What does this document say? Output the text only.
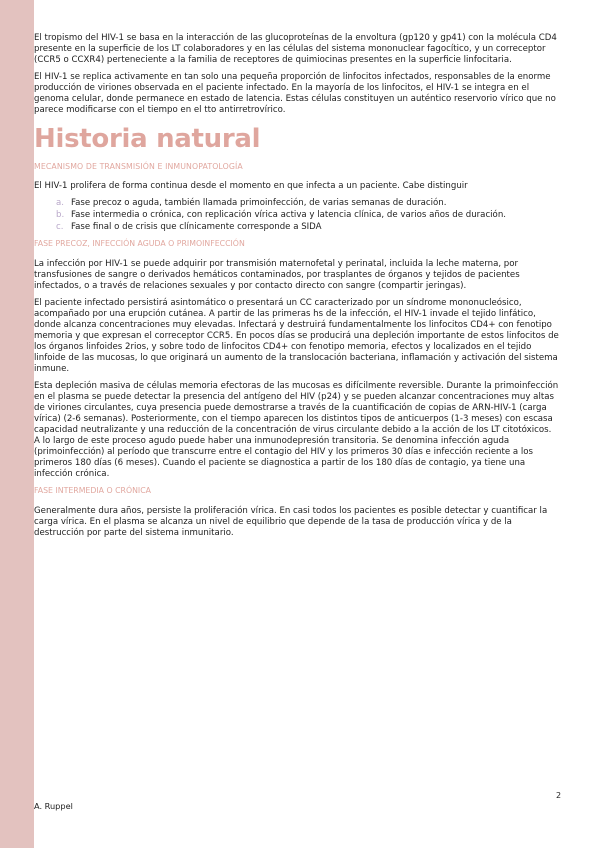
El tropismo del HIV-1 se basa en la interacción de las glucoproteínas de la envoltura (gp120 y gp41) con la molécula CD4 presente en la superficie de los LT colaboradores y en las células del sistema mononuclear fagocítico, y un correceptor (CCR5 o CCXR4) perteneciente a la familia de receptores de quimiocinas presentes en la superficie linfocitaria.

El HIV-1 se replica activamente en tan solo una pequeña proporción de linfocitos infectados, responsables de la enorme producción de viriones observada en el paciente infectado. En la mayoría de los linfocitos, el HIV-1 se integra en el genoma celular, donde permanece en estado de latencia. Estas células constituyen un auténtico reservorio vírico que no parece modificarse con el tiempo en el tto antirretrovírico.

Historia natural
MECANISMO DE TRANSMISIÓN E INMUNOPATOLOGÍA

El HIV-1 prolifera de forma continua desde el momento en que infecta a un paciente. Cabe distinguir

a. Fase precoz o aguda, también llamada primoinfección, de varias semanas de duración.
b. Fase intermedia o crónica, con replicación vírica activa y latencia clínica, de varios años de duración.
c. Fase final o de crisis que clínicamente corresponde a SIDA
FASE PRECOZ, INFECCIÓN AGUDA O PRIMOINFECCIÓN

La infección por HIV-1 se puede adquirir por transmisión maternofetal y perinatal, incluida la leche materna, por transfusiones de sangre o derivados hemáticos contaminados, por trasplantes de órganos y tejidos de pacientes infectados, o a través de relaciones sexuales y por contacto directo con sangre (compartir jeringas).

El paciente infectado persistirá asintomático o presentará un CC caracterizado por un síndrome mononucleósico, acompañado por una erupción cutánea. A partir de las primeras hs de la infección, el HIV-1 invade el tejido linfático, donde alcanza concentraciones muy elevadas. Infectará y destruirá fundamentalmente los linfocitos CD4+ con fenotipo memoria y que expresan el correceptor CCR5. En pocos días se producirá una depleción importante de estos linfocitos de los órganos linfoides 2rios, y sobre todo de linfocitos CD4+ con fenotipo memoria, efectos y localizados en el tejido linfoide de las mucosas, lo que originará un aumento de la translocación bacteriana, inflamación y activación del sistema inmune.

Esta depleción masiva de células memoria efectoras de las mucosas es difícilmente reversible. Durante la primoinfección en el plasma se puede detectar la presencia del antígeno del HIV (p24) y se pueden alcanzar concentraciones muy altas de viriones circulantes, cuya presencia puede demostrarse a través de la cuantificación de copias de ARN-HIV-1 (carga vírica) (2-6 semanas). Posteriormente, con el tiempo aparecen los distintos tipos de anticuerpos (1-3 meses) con escasa capacidad neutralizante y una reducción de la concentración de virus circulante debido a la acción de los LT citotóxicos. A lo largo de este proceso agudo puede haber una inmunodepresión transitoria. Se denomina infección aguda (primoinfección) al período que transcurre entre el contagio del HIV y los primeros 30 días e infección reciente a los primeros 180 días (6 meses). Cuando el paciente se diagnostica a partir de los 180 días de contagio, ya tiene una infección crónica.

FASE INTERMEDIA O CRÓNICA

Generalmente dura años, persiste la proliferación vírica. En casi todos los pacientes es posible detectar y cuantificar la carga vírica. En el plasma se alcanza un nivel de equilibrio que depende de la tasa de producción vírica y de la destrucción por parte del sistema inmunitario.

2
A. Ruppel
